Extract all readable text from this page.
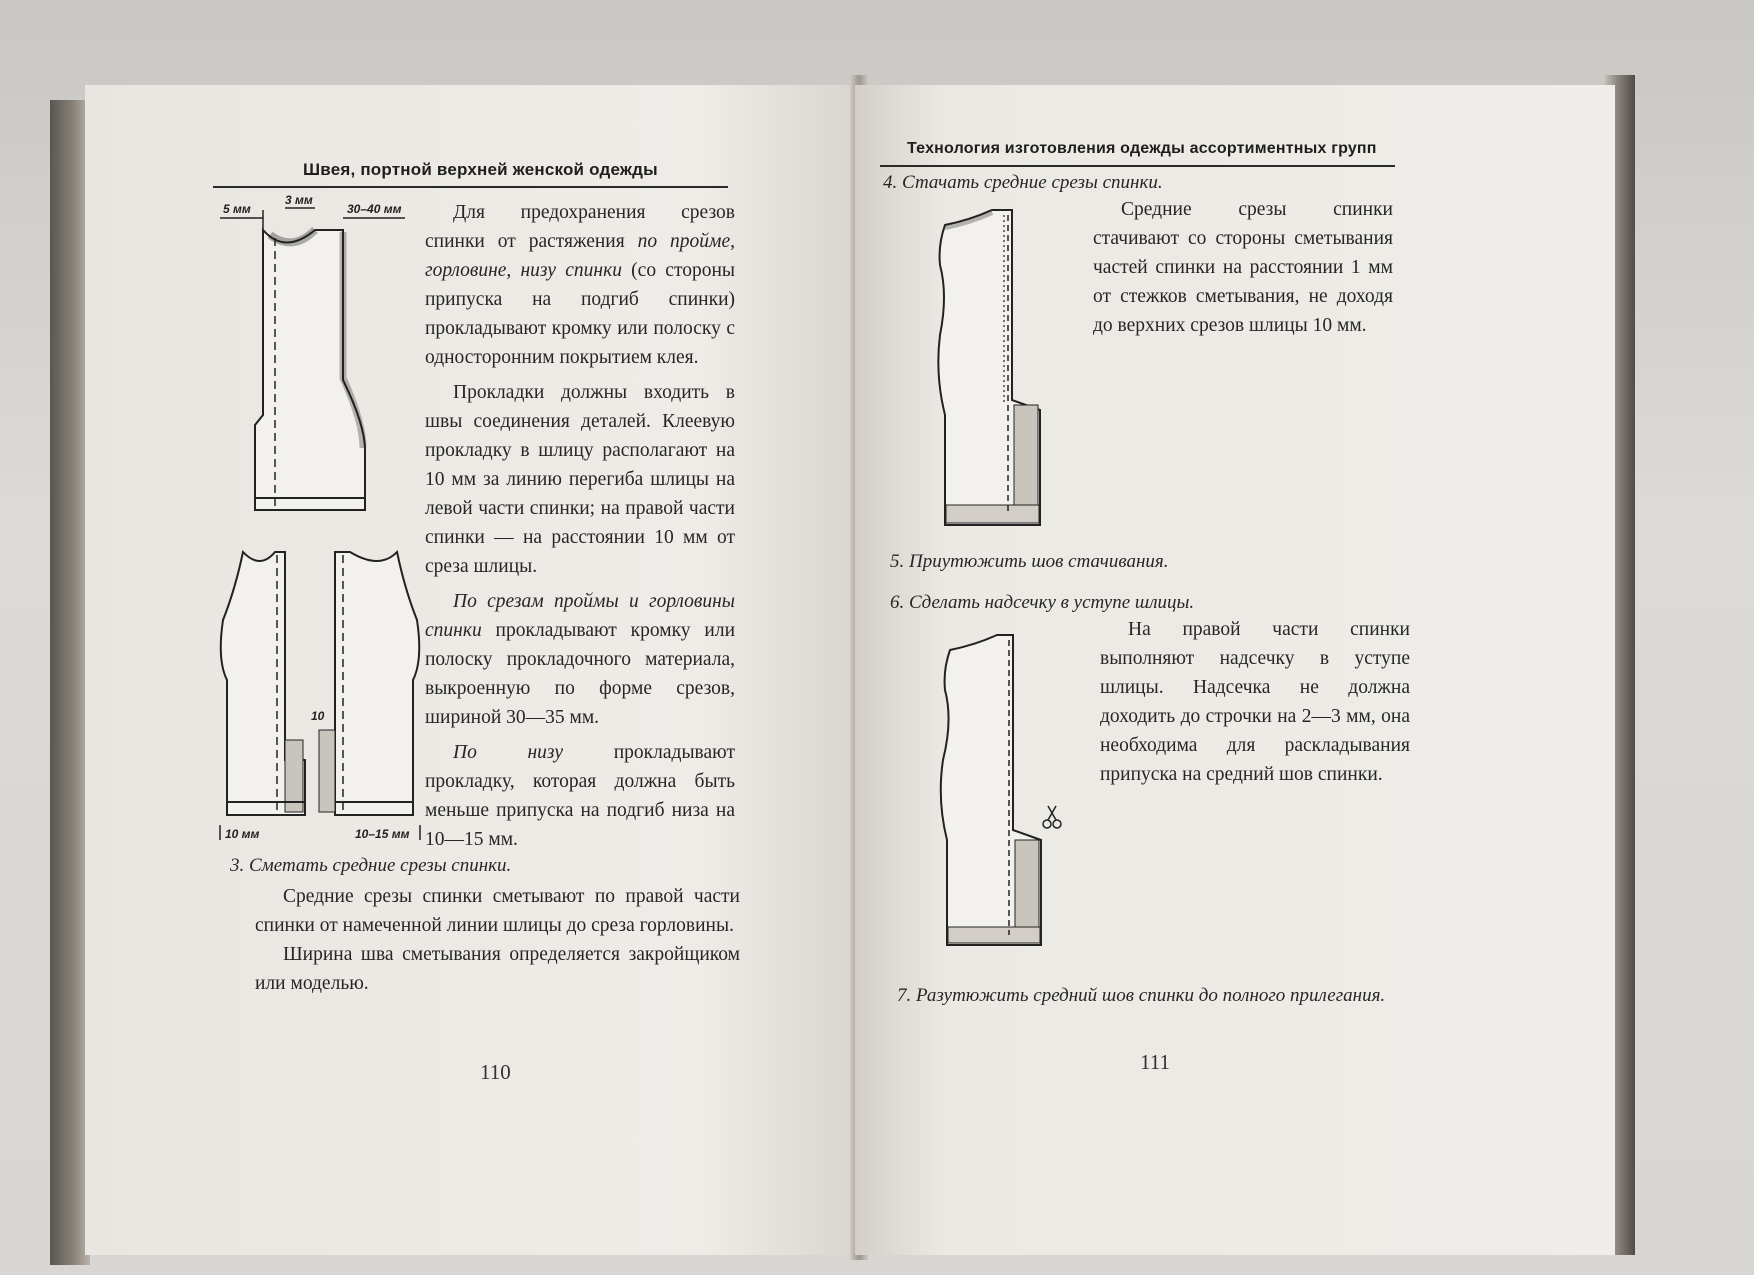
Швея, портной верхней женской одежды
5 мм
3 мм
30–40 мм
10
10 мм	10–15 мм

Для предохранения срезов спинки от растяжения по пройме, горловине, низу спинки (со стороны припуска на подгиб спинки) прокладывают кромку или полоску с односторонним покрытием клея.

Прокладки должны входить в швы соединения деталей. Клеевую прокладку в шлицу располагают на 10 мм за линию перегиба шлицы на левой части спинки; на правой части спинки — на расстоянии 10 мм от среза шлицы.

По срезам проймы и горловины спинки прокладывают кромку или полоску прокладочного материала, выкроенную по форме срезов, шириной 30—35 мм.

По низу прокладывают прокладку, которая должна быть меньше припуска на подгиб низа на 10—15 мм.

3. Сметать средние срезы спинки.

Средние срезы спинки сметывают по правой части спинки от намеченной линии шлицы до среза горловины.

Ширина шва сметывания определяется закройщиком или моделью.

110
Технология изготовления одежды ассортиментных групп
4. Стачать средние срезы спинки.

Средние срезы спинки стачивают со стороны сметывания частей спинки на расстоянии 1 мм от стежков сметывания, не доходя до верхних срезов шлицы 10 мм.

5. Приутюжить шов стачивания.
6. Сделать надсечку в уступе шлицы.

На правой части спинки выполняют надсечку в уступе шлицы. Надсечка не должна доходить до строчки на 2—3 мм, она необходима для раскладывания припуска на средний шов спинки.

7. Разутюжить средний шов спинки до полного прилегания.
111
